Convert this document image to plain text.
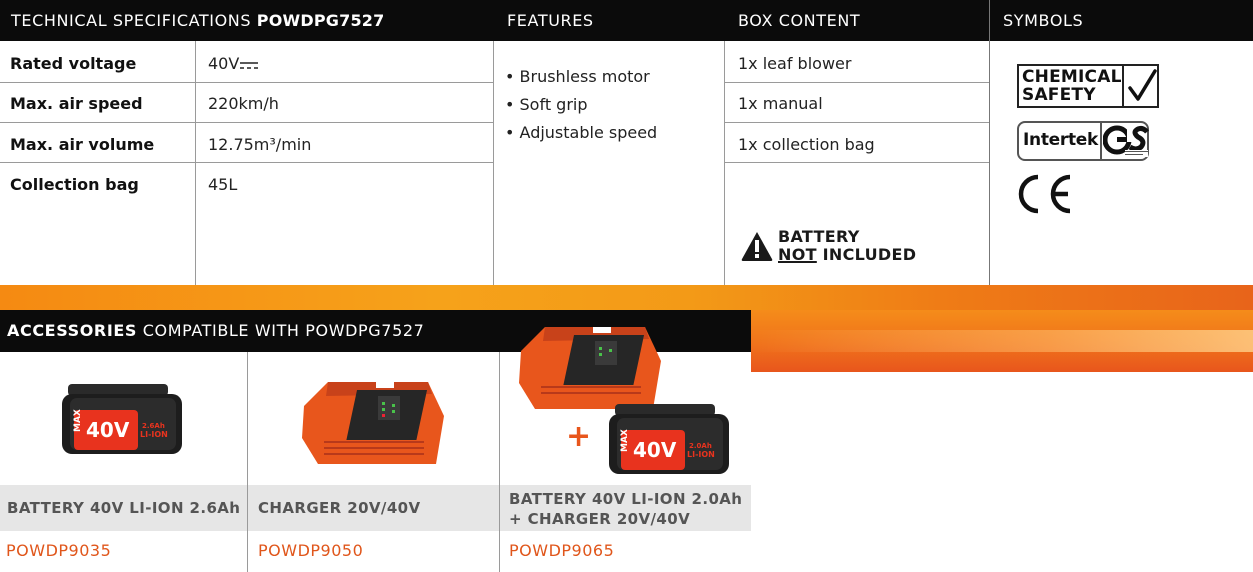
TECHNICAL SPECIFICATIONS POWDPG7527	FEATURES	BOX CONTENT	SYMBOLS
Rated voltage	40V
Max. air speed	220km/h
Max. air volume	12.75m³/min
Collection bag	45L
• Brushless motor
• Soft grip
• Adjustable speed
1x leaf blower
1x manual
1x collection bag
BATTERY
NOT INCLUDED
CHEMICAL
SAFETY
Intertek
ACCESSORIES COMPATIBLE WITH POWDPG7527
MAX 40V 2.6Ah
LI-ION
BATTERY 40V LI-ION 2.6Ah
POWDP9035
CHARGER 20V/40V
POWDP9050
+	MAX 40V 2.0Ah
LI-ION
BATTERY 40V LI-ION 2.0Ah
+ CHARGER 20V/40V
POWDP9065
